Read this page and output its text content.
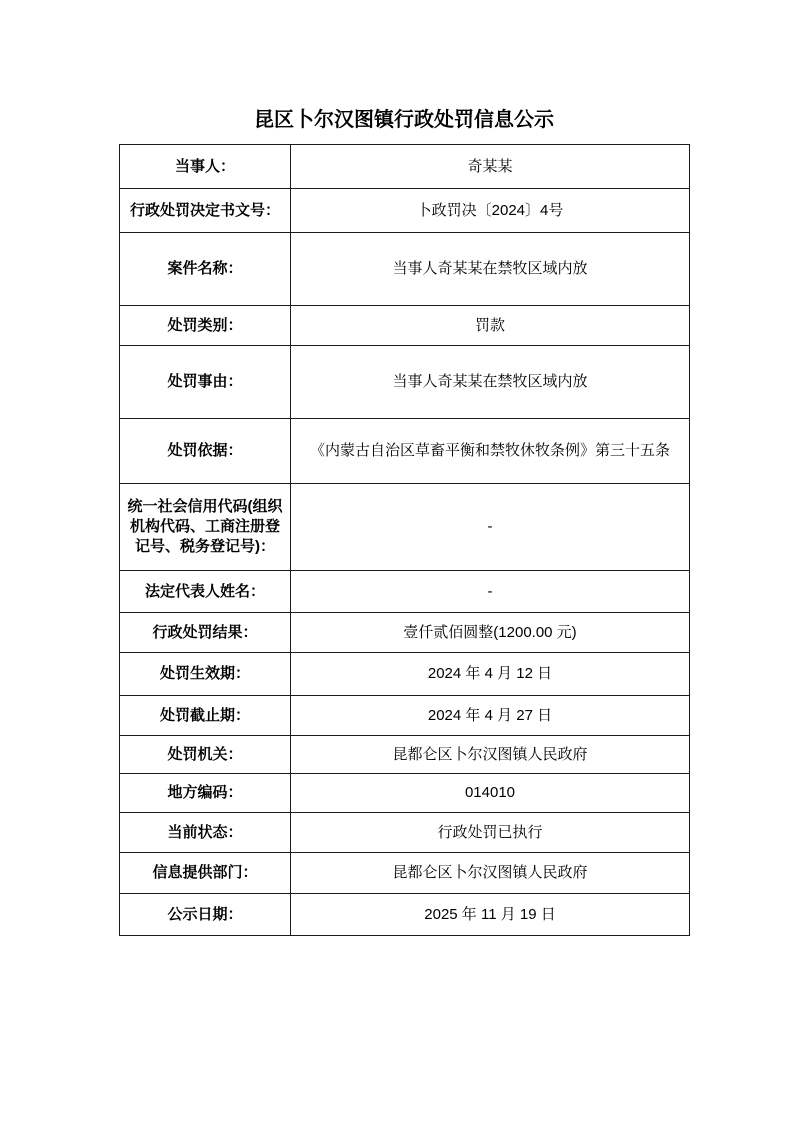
昆区卜尔汉图镇行政处罚信息公示
当事人：	奇某某
行政处罚决定书文号：	卜政罚决〔2024〕4号
案件名称：	当事人奇某某在禁牧区域内放
处罚类别：	罚款
处罚事由：	当事人奇某某在禁牧区域内放
处罚依据：	《内蒙古自治区草畜平衡和禁牧休牧条例》第三十五条
统一社会信用代码(组织机构代码、工商注册登记号、税务登记号)：	-
法定代表人姓名：	-
行政处罚结果：	壹仟贰佰圆整(1200.00 元)
处罚生效期：	2024 年 4 月 12 日
处罚截止期：	2024 年 4 月 27 日
处罚机关：	昆都仑区卜尔汉图镇人民政府
地方编码：	014010
当前状态：	行政处罚已执行
信息提供部门：	昆都仑区卜尔汉图镇人民政府
公示日期：	2025 年 11 月 19 日
